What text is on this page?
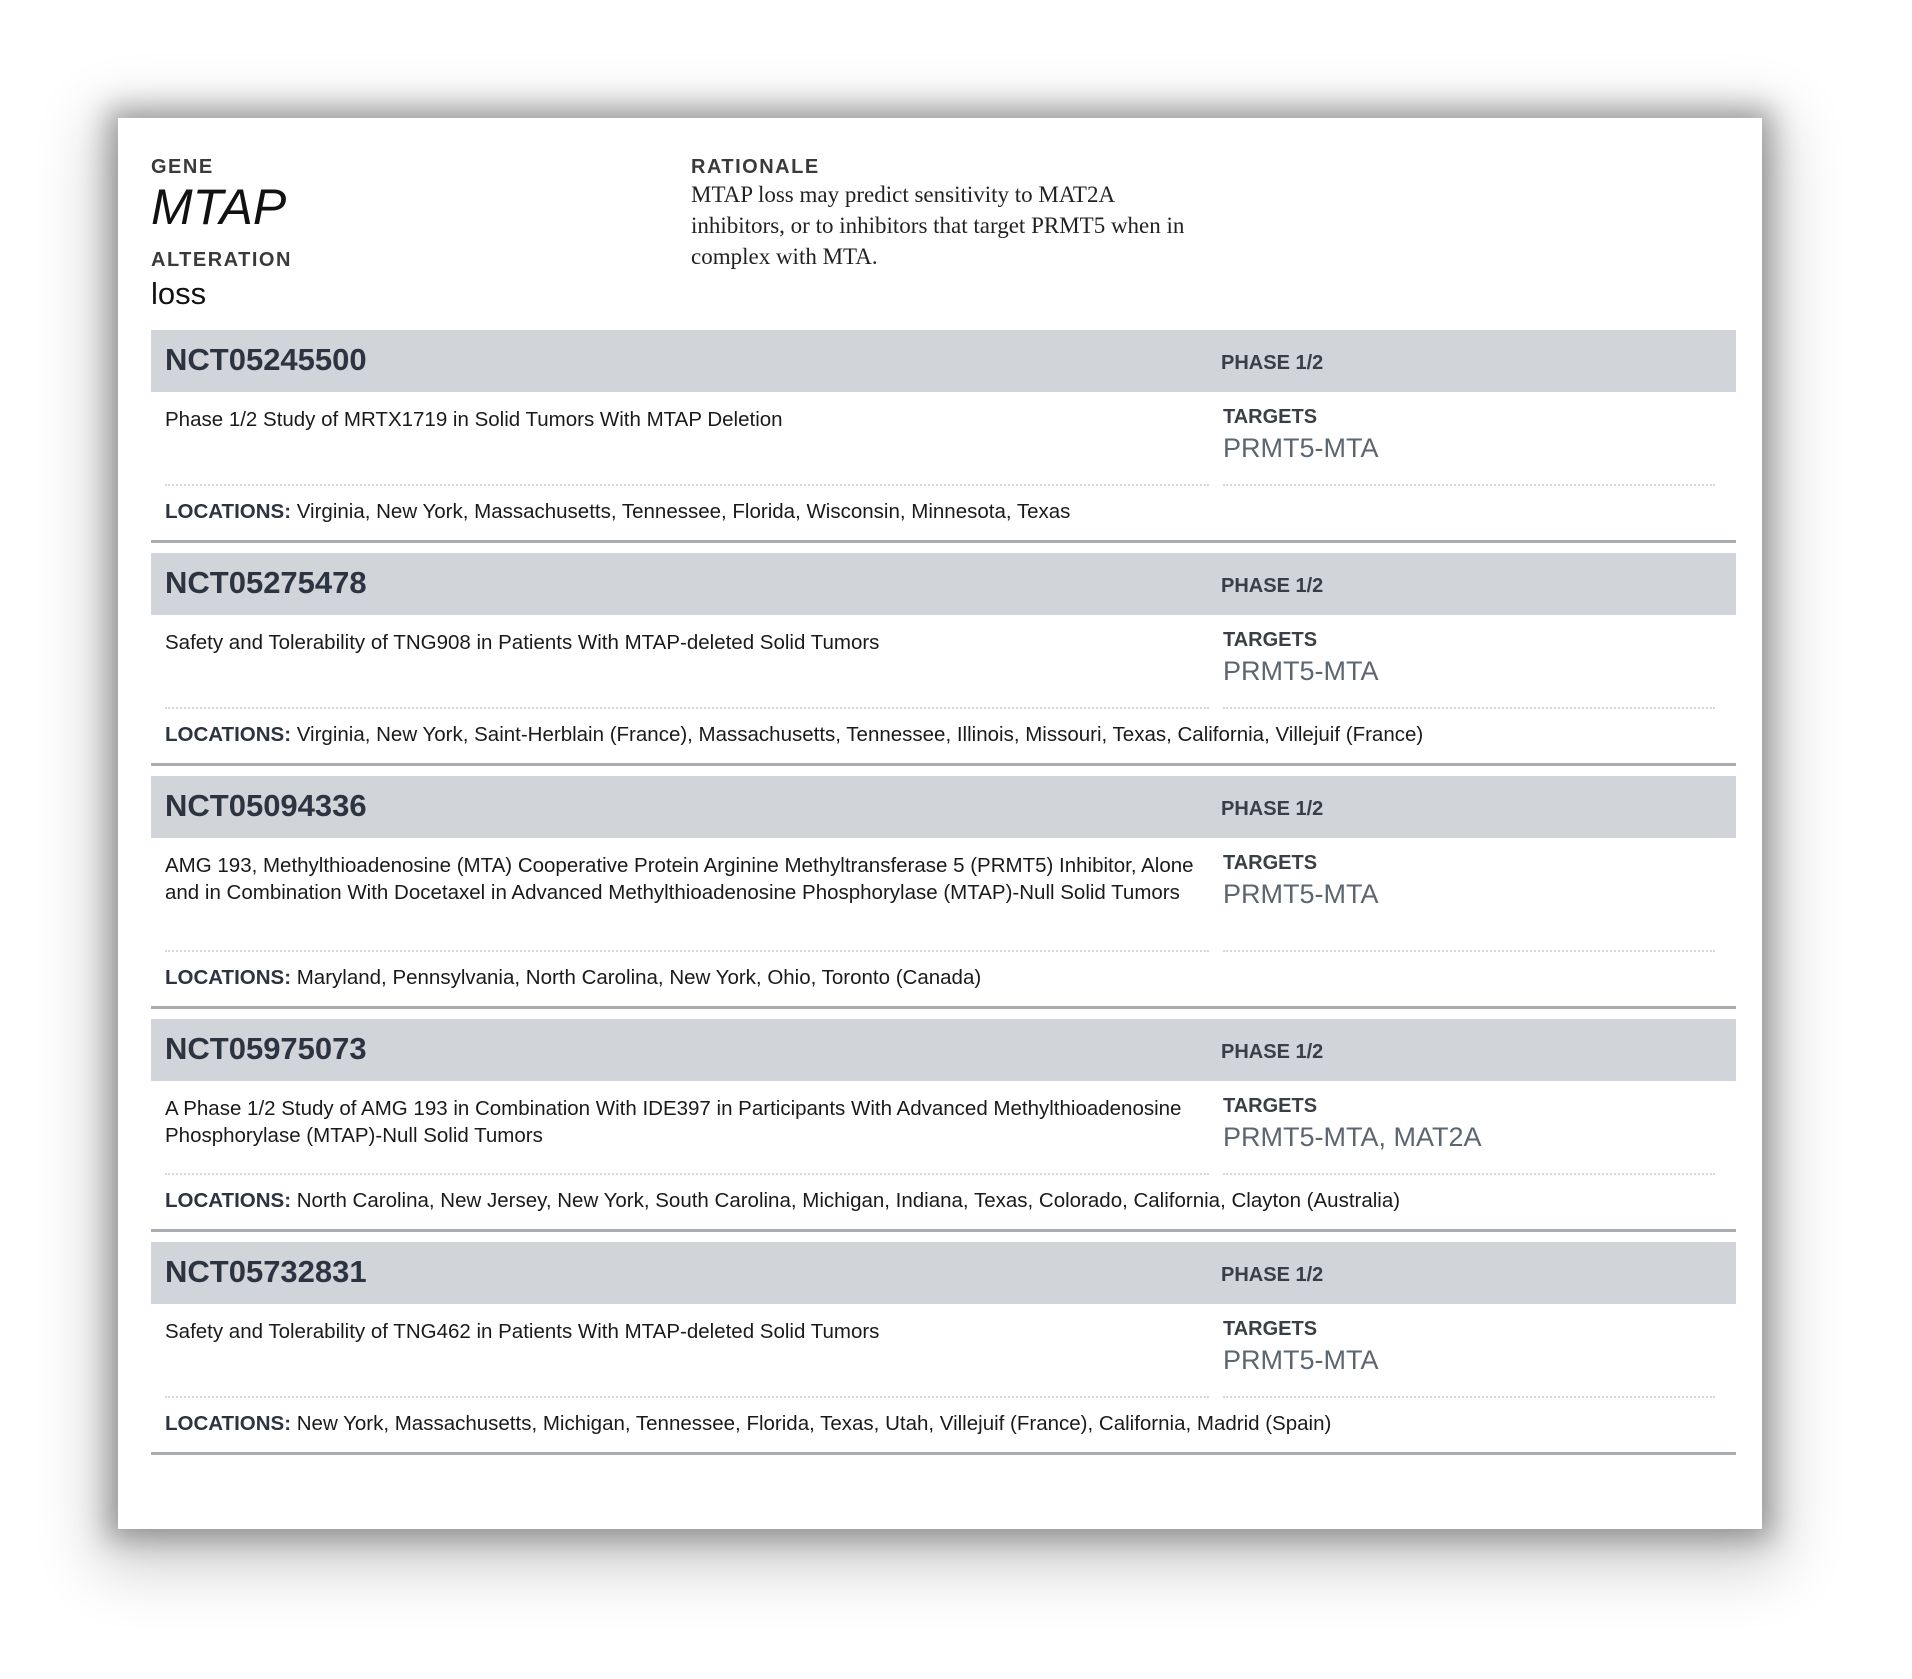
GENE
MTAP
ALTERATION
loss
RATIONALE
MTAP loss may predict sensitivity to MAT2A inhibitors, or to inhibitors that target PRMT5 when in complex with MTA.
NCT05245500	PHASE 1/2
Phase 1/2 Study of MRTX1719 in Solid Tumors With MTAP Deletion	TARGETS
PRMT5-MTA
LOCATIONS: Virginia, New York, Massachusetts, Tennessee, Florida, Wisconsin, Minnesota, Texas
NCT05275478	PHASE 1/2
Safety and Tolerability of TNG908 in Patients With MTAP-deleted Solid Tumors	TARGETS
PRMT5-MTA
LOCATIONS: Virginia, New York, Saint-Herblain (France), Massachusetts, Tennessee, Illinois, Missouri, Texas, California, Villejuif (France)
NCT05094336	PHASE 1/2
AMG 193, Methylthioadenosine (MTA) Cooperative Protein Arginine Methyltransferase 5 (PRMT5) Inhibitor, Alone and in Combination With Docetaxel in Advanced Methylthioadenosine Phosphorylase (MTAP)-Null Solid Tumors
TARGETS
PRMT5-MTA
LOCATIONS: Maryland, Pennsylvania, North Carolina, New York, Ohio, Toronto (Canada)
NCT05975073	PHASE 1/2
A Phase 1/2 Study of AMG 193 in Combination With IDE397 in Participants With Advanced Methylthioadenosine Phosphorylase (MTAP)-Null Solid Tumors
TARGETS
PRMT5-MTA, MAT2A
LOCATIONS: North Carolina, New Jersey, New York, South Carolina, Michigan, Indiana, Texas, Colorado, California, Clayton (Australia)
NCT05732831	PHASE 1/2
Safety and Tolerability of TNG462 in Patients With MTAP-deleted Solid Tumors	TARGETS
PRMT5-MTA
LOCATIONS: New York, Massachusetts, Michigan, Tennessee, Florida, Texas, Utah, Villejuif (France), California, Madrid (Spain)
